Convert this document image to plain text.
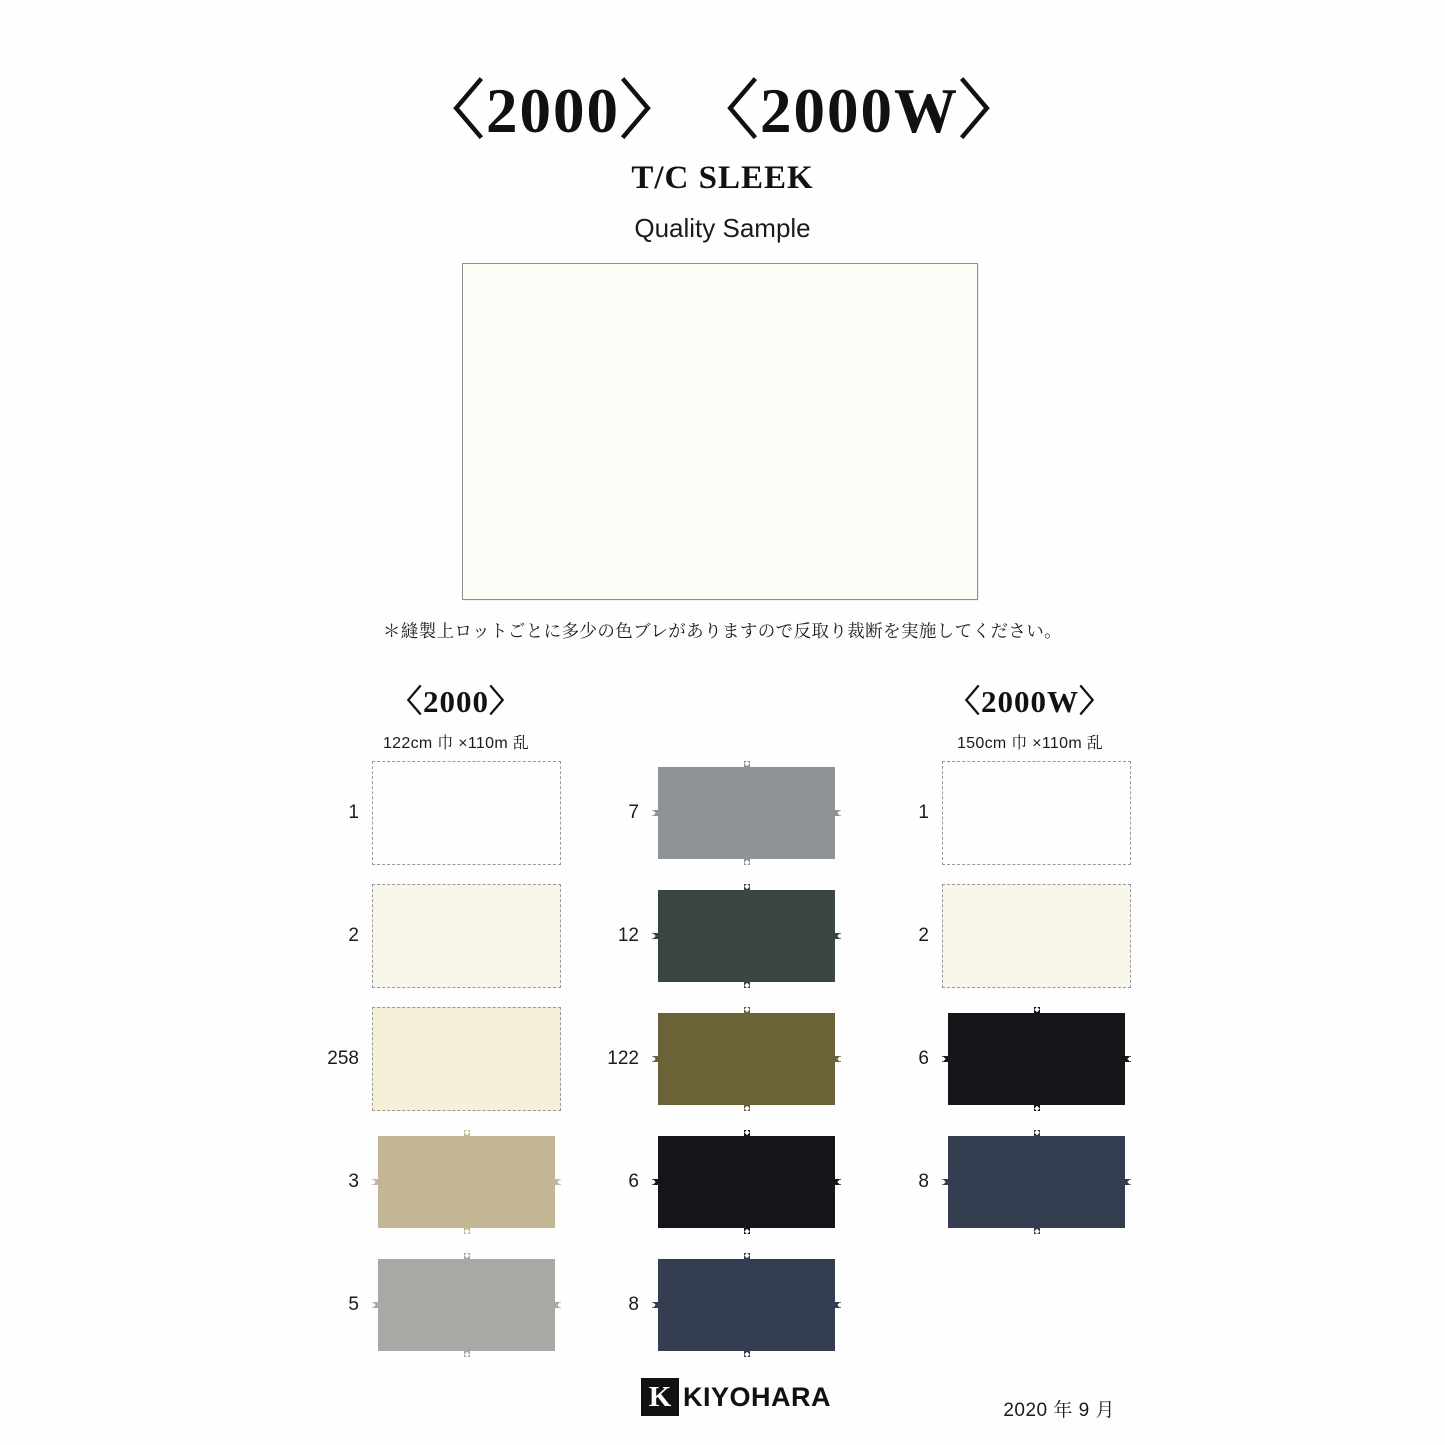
〈2000〉 〈2000W〉
T/C SLEEK
Quality Sample
＊縫製上ロットごとに多少の色ブレがありますので反取り裁断を実施してください。
〈2000〉
122cm 巾 ×110m 乱
〈2000W〉
150cm 巾 ×110m 乱
1
2
258
3
5
7
12
122
6
8
1
2
6
8
K KIYOHARA	2020 年 9 月
